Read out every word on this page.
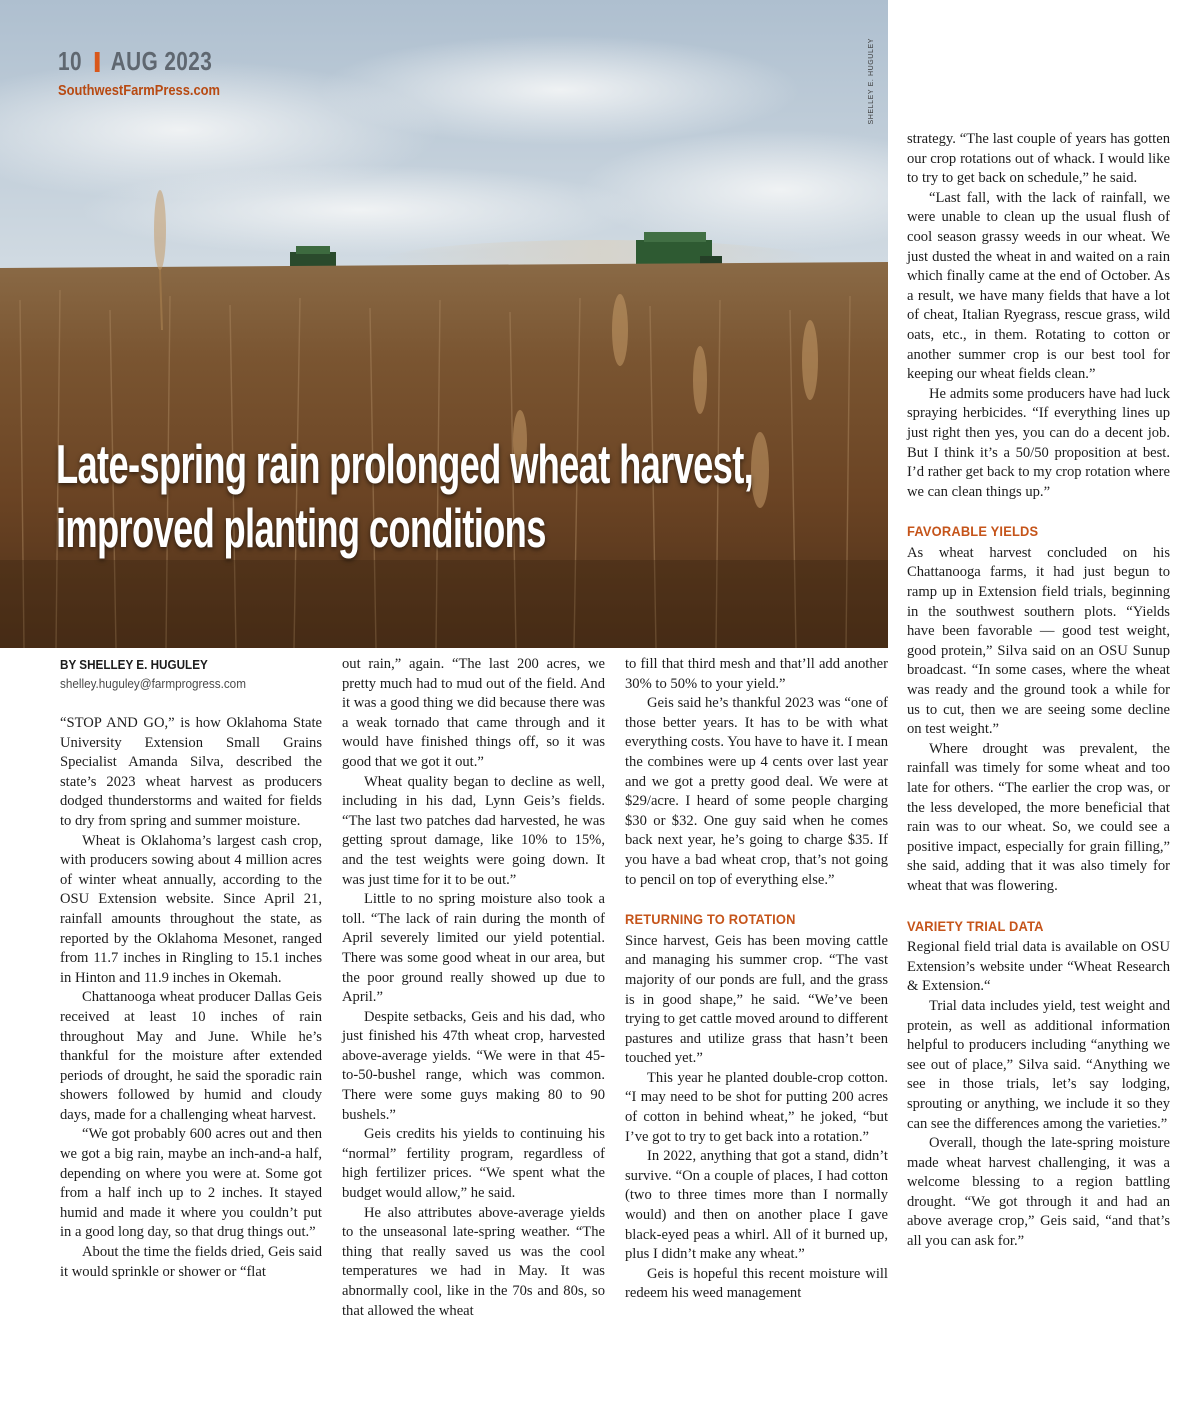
10 AUG 2023
SouthwestFarmPress.com	SHELLEY E. HUGULEY
Late-spring rain prolonged wheat harvest,
improved planting conditions
BY SHELLEY E. HUGULEY
shelley.huguley@farmprogress.com

“STOP AND GO,” is how Oklahoma State University Extension Small Grains Specialist Amanda Silva, described the state’s 2023 wheat harvest as producers dodged thunderstorms and waited for fields to dry from spring and summer moisture.

Wheat is Oklahoma’s largest cash crop, with producers sowing about 4 million acres of winter wheat annually, according to the OSU Extension website. Since April 21, rainfall amounts throughout the state, as reported by the Oklahoma Mesonet, ranged from 11.7 inches in Ringling to 15.1 inches in Hinton and 11.9 inches in Okemah.

Chattanooga wheat producer Dallas Geis received at least 10 inches of rain throughout May and June. While he’s thankful for the moisture after extended periods of drought, he said the sporadic rain showers followed by humid and cloudy days, made for a challenging wheat harvest.

“We got probably 600 acres out and then we got a big rain, maybe an inch-and-a half, depending on where you were at. Some got from a half inch up to 2 inches. It stayed humid and made it where you couldn’t put in a good long day, so that drug things out.”

About the time the fields dried, Geis said it would sprinkle or shower or “flat

out rain,” again. “The last 200 acres, we pretty much had to mud out of the field. And it was a good thing we did because there was a weak tornado that came through and it would have finished things off, so it was good that we got it out.”

Wheat quality began to decline as well, including in his dad, Lynn Geis’s fields. “The last two patches dad harvested, he was getting sprout damage, like 10% to 15%, and the test weights were going down. It was just time for it to be out.”

Little to no spring moisture also took a toll. “The lack of rain during the month of April severely limited our yield potential. There was some good wheat in our area, but the poor ground really showed up due to April.”

Despite setbacks, Geis and his dad, who just finished his 47th wheat crop, harvested above-average yields. “We were in that 45-to-50-bushel range, which was common. There were some guys making 80 to 90 bushels.”

Geis credits his yields to continuing his “normal” fertility program, regardless of high fertilizer prices. “We spent what the budget would allow,” he said.

He also attributes above-average yields to the unseasonal late-spring weather. “The thing that really saved us was the cool temperatures we had in May. It was abnormally cool, like in the 70s and 80s, so that allowed the wheat

to fill that third mesh and that’ll add another 30% to 50% to your yield.”

Geis said he’s thankful 2023 was “one of those better years. It has to be with what everything costs. You have to have it. I mean the combines were up 4 cents over last year and we got a pretty good deal. We were at $29/acre. I heard of some people charging $30 or $32. One guy said when he comes back next year, he’s going to charge $35. If you have a bad wheat crop, that’s not going to pencil on top of everything else.”

RETURNING TO ROTATION

Since harvest, Geis has been moving cattle and managing his summer crop. “The vast majority of our ponds are full, and the grass is in good shape,” he said. “We’ve been trying to get cattle moved around to different pastures and utilize grass that hasn’t been touched yet.”

This year he planted double-crop cotton. “I may need to be shot for putting 200 acres of cotton in behind wheat,” he joked, “but I’ve got to try to get back into a rotation.”

In 2022, anything that got a stand, didn’t survive. “On a couple of places, I had cotton (two to three times more than I normally would) and then on another place I gave black-eyed peas a whirl. All of it burned up, plus I didn’t make any wheat.”

Geis is hopeful this recent moisture will redeem his weed management

strategy. “The last couple of years has gotten our crop rotations out of whack. I would like to try to get back on schedule,” he said.

“Last fall, with the lack of rainfall, we were unable to clean up the usual flush of cool season grassy weeds in our wheat. We just dusted the wheat in and waited on a rain which finally came at the end of October. As a result, we have many fields that have a lot of cheat, Italian Ryegrass, rescue grass, wild oats, etc., in them. Rotating to cotton or another summer crop is our best tool for keeping our wheat fields clean.”

He admits some producers have had luck spraying herbicides. “If everything lines up just right then yes, you can do a decent job. But I think it’s a 50/50 proposition at best. I’d rather get back to my crop rotation where we can clean things up.”

FAVORABLE YIELDS

As wheat harvest concluded on his Chattanooga farms, it had just begun to ramp up in Extension field trials, beginning in the southwest southern plots. “Yields have been favorable — good test weight, good protein,” Silva said on an OSU Sunup broadcast. “In some cases, where the wheat was ready and the ground took a while for us to cut, then we are seeing some decline on test weight.”

Where drought was prevalent, the rainfall was timely for some wheat and too late for others. “The earlier the crop was, or the less developed, the more beneficial that rain was to our wheat. So, we could see a positive impact, especially for grain filling,” she said, adding that it was also timely for wheat that was flowering.

VARIETY TRIAL DATA

Regional field trial data is available on OSU Extension’s website under “Wheat Research & Extension.“

Trial data includes yield, test weight and protein, as well as additional information helpful to producers including “anything we see out of place,” Silva said. “Anything we see in those trials, let’s say lodging, sprouting or anything, we include it so they can see the differences among the varieties.”

Overall, though the late-spring moisture made wheat harvest challenging, it was a welcome blessing to a region battling drought. “We got through it and had an above average crop,” Geis said, “and that’s all you can ask for.”
